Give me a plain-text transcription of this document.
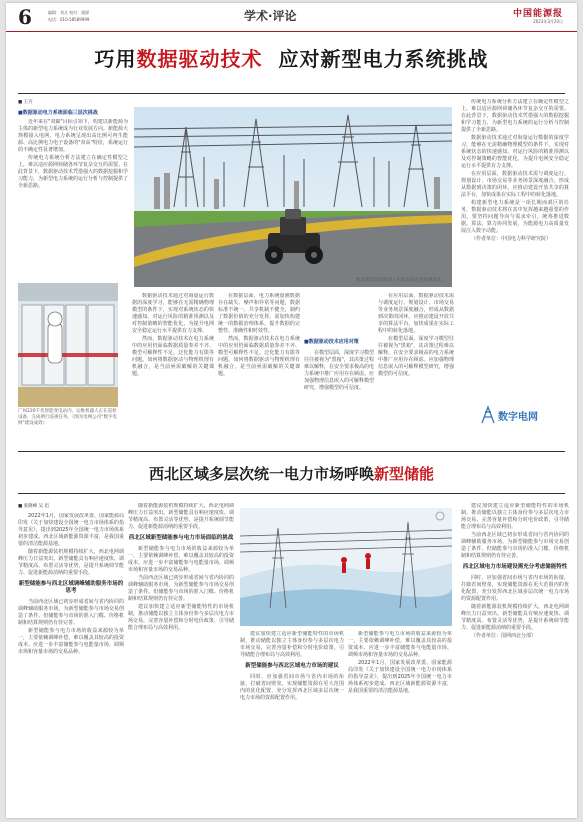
6	编辑：刘凡 校对：姚源
电话：010-58589999	学术·评论	中国能源报
2023年3月20日
巧用数据驱动技术 应对新型电力系统挑战
■ 王卉
■数据驱动电力系统面临三层次挑战

近年来在"双碳"目标引领下，构建以新能源为主体的新型电力系统成为行业发展方向。新能源大规模接入电网，电力系统呈现出高比例可再生能源、高比例电力电子设备的"双高"特征，系统运行的不确定性显著增加。

传统电力系统分析方法建立在确定性模型之上，难以适应源网荷储各环节复杂交互的需要。在此背景下，数据驱动技术凭借强大的数据挖掘和学习能力，为新型电力系统的运行分析与控制提供了全新思路。

配电智能巡检机器人在变电站开展巡视作业。
广州220千伏智能变电站内，运维机器人正在巡检设备，完成例行巡视任务。（图为电网公司"数字电网"建设成效）

数据驱动技术通过对海量运行数据的深度学习，能够在无需精确物理模型的条件下，实现对系统状态的快速感知、对运行风险的精准预测以及对控制策略的智能优化，为提升电网安全稳定运行水平提供有力支撑。

然而，数据驱动技术在电力系统中的应用仍面临数据质量参差不齐、模型可解释性不足、泛化能力有限等问题。如何将数据驱动与物理机理有机融合，是当前亟需破解的关键课题。

在数据层面，电力系统量测数据存在缺失、噪声和异常等问题，数据标准不统一、共享机制不健全，制约了数据价值的充分发挥。需加快构建统一的数据治理体系，提升数据的完整性、准确性和时效性。

然而，数据驱动技术在电力系统中的应用仍面临数据质量参差不齐、模型可解释性不足、泛化能力有限等问题。如何将数据驱动与物理机理有机融合，是当前亟需破解的关键课题。

■数据驱动技术应用对策

在模型层面，深度学习模型往往被视为"黑箱"，其决策过程难以解释，在安全要求极高的电力系统中推广应用存在顾虑。应加强物理信息嵌入的可解释模型研究，增强模型的可信度。

在应用层面，数据驱动技术需与调度运行、规划设计、市场交易等业务场景深度融合，形成从数据到决策的闭环。应推动建设开放共享的算法平台，加快成果在实际工程中的转化落地。

在模型层面，深度学习模型往往被视为"黑箱"，其决策过程难以解释，在安全要求极高的电力系统中推广应用存在顾虑。应加强物理信息嵌入的可解释模型研究，增强模型的可信度。

传统电力系统分析方法建立在确定性模型之上，难以适应源网荷储各环节复杂交互的需要。在此背景下，数据驱动技术凭借强大的数据挖掘和学习能力，为新型电力系统的运行分析与控制提供了全新思路。

数据驱动技术通过对海量运行数据的深度学习，能够在无需精确物理模型的条件下，实现对系统状态的快速感知、对运行风险的精准预测以及对控制策略的智能优化，为提升电网安全稳定运行水平提供有力支撑。

在应用层面，数据驱动技术需与调度运行、规划设计、市场交易等业务场景深度融合，形成从数据到决策的闭环。应推动建设开放共享的算法平台，加快成果在实际工程中的转化落地。

构建新型电力系统是一项长期而艰巨的任务，数据驱动技术将在其中发挥越来越重要的作用。要坚持问题导向与需求牵引，统筹推进数据、算法、算力协同发展，为能源电力高质量发展注入数字动能。

（作者单位：中国电力科学研究院）

数字电网
西北区域多层次统一电力市场呼唤新型储能
■ 张晓峰 吴 迅

2022年1月，国家发展改革委、国家能源局印发《关于加快建设全国统一电力市场体系的指导意见》，提出到2025年全国统一电力市场体系初步建成。西北区域新能源资源丰富，是我国重要的清洁能源基地。

随着新能源装机规模持续扩大，西北电网调峰压力日益突出。新型储能具有响应速度快、调节精度高、布置灵活等优势，是提升系统调节能力、促进新能源消纳的重要手段。

新型储能参与西北区域调峰辅助服务市场的思考

当前西北区域已初步形成省间与省内协同的调峰辅助服务市场，为新型储能参与市场交易创造了条件。但储能参与市场的准入门槛、价格机制和结算规则仍有待完善。

新型储能参与电力市场的收益来源较为单一，主要依赖调峰补偿，难以覆盖其较高的投资成本。应进一步丰富储能参与电能量市场、调频市场和容量市场的交易品种。

随着新能源装机规模持续扩大，西北电网调峰压力日益突出。新型储能具有响应速度快、调节精度高、布置灵活等优势，是提升系统调节能力、促进新能源消纳的重要手段。

西北区域新型储能参与电力市场面临的挑战

新型储能参与电力市场的收益来源较为单一，主要依赖调峰补偿，难以覆盖其较高的投资成本。应进一步丰富储能参与电能量市场、调频市场和容量市场的交易品种。

当前西北区域已初步形成省间与省内协同的调峰辅助服务市场，为新型储能参与市场交易创造了条件。但储能参与市场的准入门槛、价格机制和结算规则仍有待完善。

建议加快建立适应新型储能特性的市场机制，推动储能以独立主体身份参与多层次电力市场交易，完善容量补偿和分时电价政策，引导储能合理布局与高效利用。

建议加快建立适应新型储能特性的市场机制，推动储能以独立主体身份参与多层次电力市场交易，完善容量补偿和分时电价政策，引导储能合理布局与高效利用。

新型储能参与西北区域电力市场的建议

同时，应加强省间市场与省内市场的衔接，打破省间壁垒，实现储能资源在更大范围内的优化配置，充分发挥西北区域多层次统一电力市场的资源配置作用。

新型储能参与电力市场的收益来源较为单一，主要依赖调峰补偿，难以覆盖其较高的投资成本。应进一步丰富储能参与电能量市场、调频市场和容量市场的交易品种。

2022年1月，国家发展改革委、国家能源局印发《关于加快建设全国统一电力市场体系的指导意见》，提出到2025年全国统一电力市场体系初步建成。西北区域新能源资源丰富，是我国重要的清洁能源基地。

建议加快建立适应新型储能特性的市场机制，推动储能以独立主体身份参与多层次电力市场交易，完善容量补偿和分时电价政策，引导储能合理布局与高效利用。

当前西北区域已初步形成省间与省内协同的调峰辅助服务市场，为新型储能参与市场交易创造了条件。但储能参与市场的准入门槛、价格机制和结算规则仍有待完善。

西北区域电力市场建设需充分考虑储能特性

同时，应加强省间市场与省内市场的衔接，打破省间壁垒，实现储能资源在更大范围内的优化配置，充分发挥西北区域多层次统一电力市场的资源配置作用。

随着新能源装机规模持续扩大，西北电网调峰压力日益突出。新型储能具有响应速度快、调节精度高、布置灵活等优势，是提升系统调节能力、促进新能源消纳的重要手段。

（作者单位：国网西北分部）
